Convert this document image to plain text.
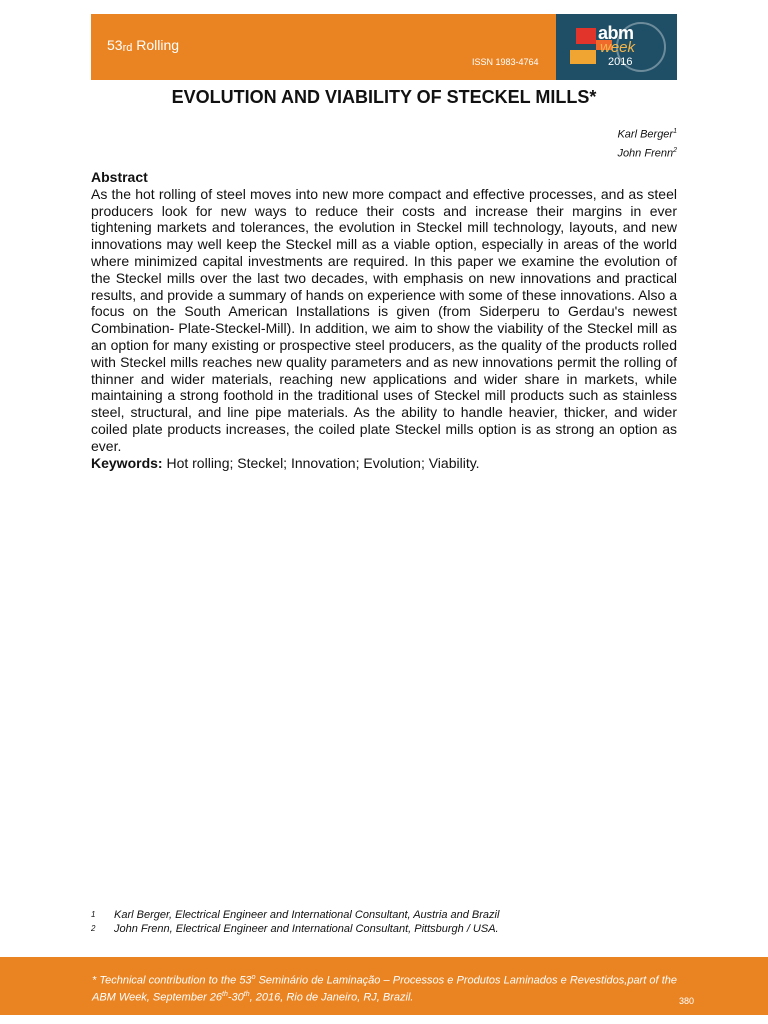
$53_{rd}$ Rolling
ISSN 1983-4764
abm
week
2016
EVOLUTION AND VIABILITY OF STECKEL MILLS*
Karl Berger$^1$
John Frenn$^2$
Abstract

As the hot rolling of steel moves into new more compact and effective processes, and as steel producers look for new ways to reduce their costs and increase their margins in ever tightening markets and tolerances, the evolution in Steckel mill technology, layouts, and new innovations may well keep the Steckel mill as a viable option, especially in areas of the world where minimized capital investments are required. In this paper we examine the evolution of the Steckel mills over the last two decades, with emphasis on new innovations and practical results, and provide a summary of hands on experience with some of these innovations. Also a focus on the South American Installations is given (from Siderperu to Gerdau's newest Combination- Plate-Steckel-Mill). In addition, we aim to show the viability of the Steckel mill as an option for many existing or prospective steel producers, as the quality of the products rolled with Steckel mills reaches new quality parameters and as new innovations permit the rolling of thinner and wider materials, reaching new applications and wider share in markets, while maintaining a strong foothold in the traditional uses of Steckel mill products such as stainless steel, structural, and line pipe materials. As the ability to handle heavier, thicker, and wider coiled plate products increases, the coiled plate Steckel mills option is as strong an option as ever.

Keywords: Hot rolling; Steckel; Innovation; Evolution; Viability.
1	Karl Berger, Electrical Engineer and International Consultant, Austria and Brazil
2	John Frenn, Electrical Engineer and International Consultant, Pittsburgh / USA.
* Technical contribution to the 53$^o$ Seminário de Laminação – Processos e Produtos Laminados e Revestidos,part of the ABM Week, September 26th-30th, 2016, Rio de Janeiro, RJ, Brazil.	380
